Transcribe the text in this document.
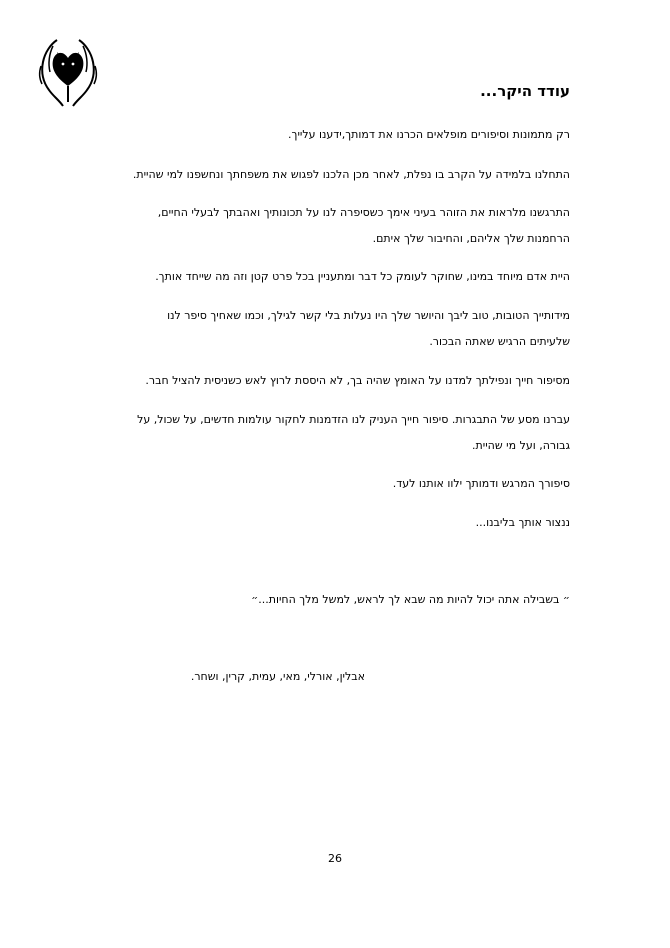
עודד היקר...
רק מתמונות וסיפורים מופלאים הכרנו את דמותך,ידענו עלייך.
התחלנו בלמידה על הקרב בו נפלת, לאחר מכן הלכנו לפגוש את משפחתך ונחשפנו למי שהיית.
התרגשנו מלראות את הזוהר בעיני אימך כשסיפרה לנו על תכונותיך ואהבתך לבעלי החיים,
הרחמנות שלך אליהם, והחיבור שלך איתם.
היית אדם מיוחד במינו, שחוקר לעומק כל דבר ומתעניין בכל פרט קטן וזה מה שייחד אותך.
מידותייך הטובות, טוב ליבך והיושר שלך היו נעלות בלי קשר לגילך, וכמו שאחיך סיפר לנו
שלעיתים הרגיש שאתה הבכור.
מסיפור חייך ונפילתך למדנו על האומץ שהיה בך, לא היססת לרוץ לאש כשניסית להציל חבר.
עברנו מסע של התבגרות. סיפור חייך העניק לנו הזדמנות לחקור עולמות חדשים, על שכול, על
גבורה, ועל מי שהיית.
סיפורך המרגש ודמותך ילוו אותנו לעד.
ננצור אותך בליבנו...
״ בשבילה אתה יכול להיות מה שבא לך לראש, למשל מלך החיות...״
אבלין, אורלי, מאי, עמית, קרין, ושחר.
26
